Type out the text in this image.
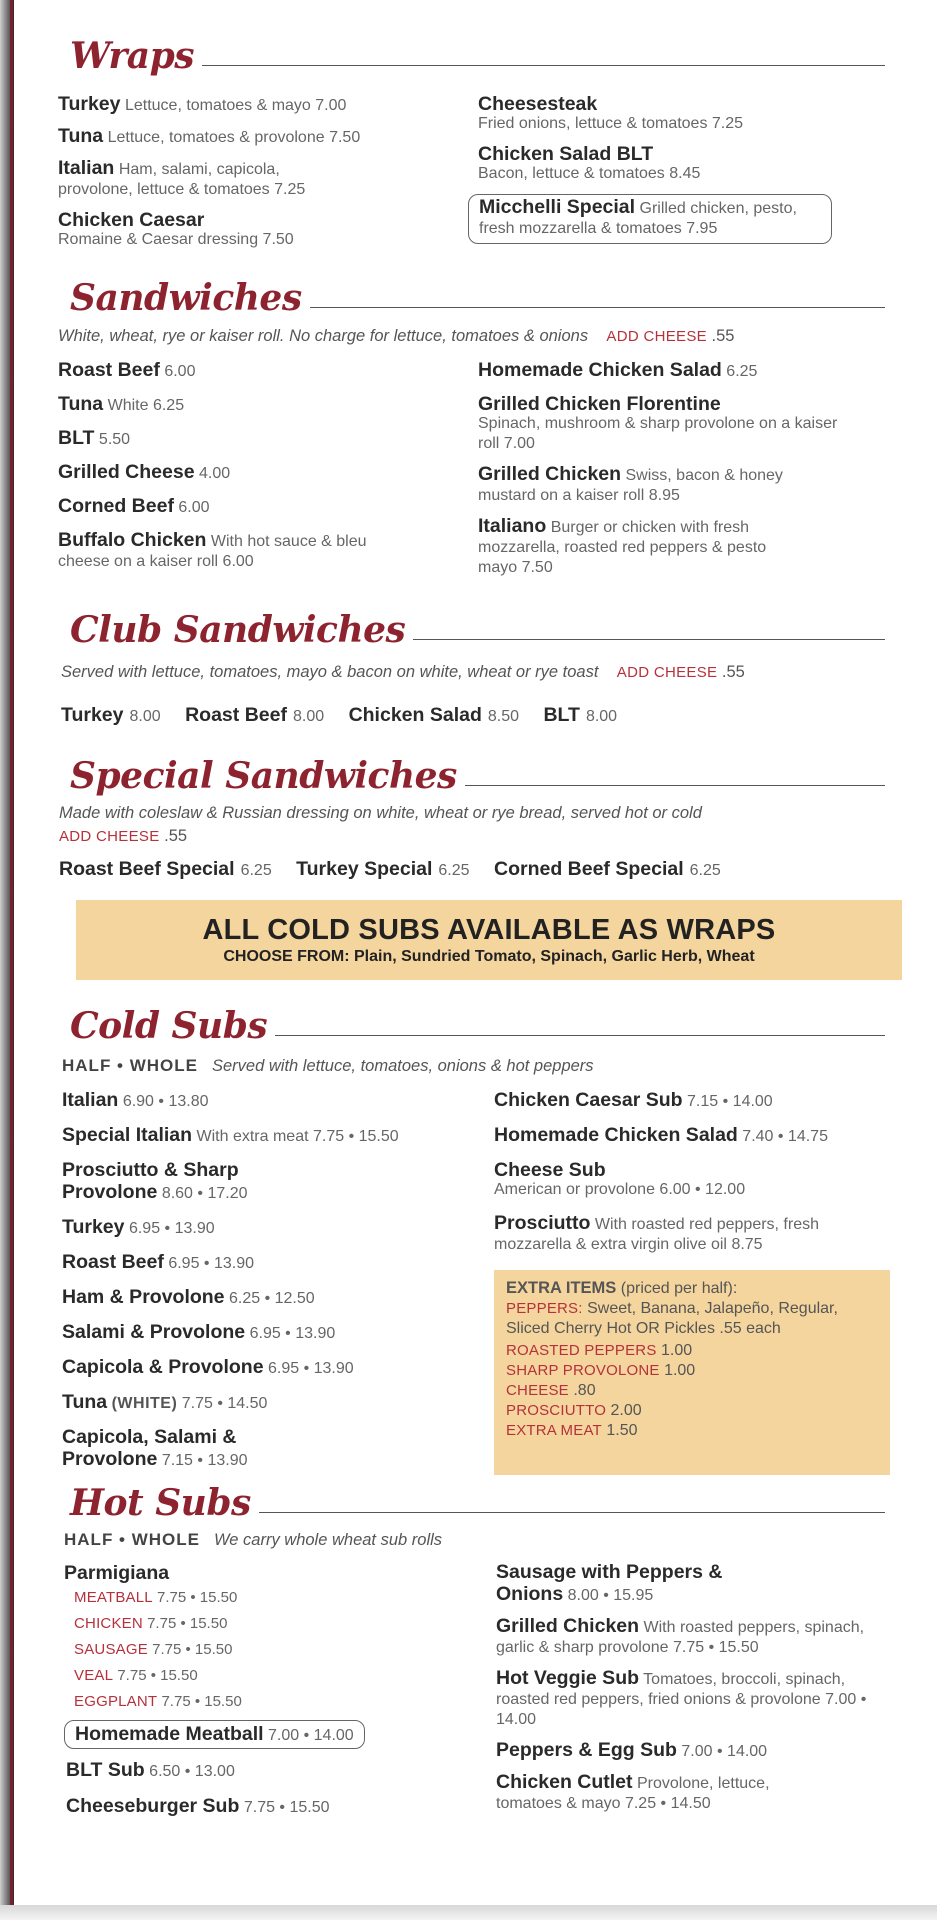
Wraps
Turkey Lettuce, tomatoes & mayo 7.00
Tuna Lettuce, tomatoes & provolone 7.50
Italian Ham, salami, capicola, provolone, lettuce & tomatoes 7.25
Chicken Caesar
Romaine & Caesar dressing 7.50
Cheesesteak
Fried onions, lettuce & tomatoes 7.25
Chicken Salad BLT
Bacon, lettuce & tomatoes 8.45
Micchelli Special Grilled chicken, pesto, fresh mozzarella & tomatoes 7.95
Sandwiches
White, wheat, rye or kaiser roll. No charge for lettuce, tomatoes & onions ADD CHEESE .55
Roast Beef 6.00
Tuna White 6.25
BLT 5.50
Grilled Cheese 4.00
Corned Beef 6.00
Buffalo Chicken With hot sauce & bleu cheese on a kaiser roll 6.00
Homemade Chicken Salad 6.25
Grilled Chicken Florentine
Spinach, mushroom & sharp provolone on a kaiser roll 7.00
Grilled Chicken Swiss, bacon & honey mustard on a kaiser roll 8.95
Italiano Burger or chicken with fresh mozzarella, roasted red peppers & pesto mayo 7.50
Club Sandwiches
Served with lettuce, tomatoes, mayo & bacon on white, wheat or rye toast ADD CHEESE .55
Turkey 8.00 Roast Beef 8.00 Chicken Salad 8.50 BLT 8.00
Special Sandwiches
Made with coleslaw & Russian dressing on white, wheat or rye bread, served hot or cold
ADD CHEESE .55
Roast Beef Special 6.25 Turkey Special 6.25 Corned Beef Special 6.25
ALL COLD SUBS AVAILABLE AS WRAPS
CHOOSE FROM: Plain, Sundried Tomato, Spinach, Garlic Herb, Wheat
Cold Subs
HALF • WHOLE Served with lettuce, tomatoes, onions & hot peppers
Italian 6.90 • 13.80
Special Italian With extra meat 7.75 • 15.50
Prosciutto & Sharp Provolone 8.60 • 17.20
Turkey 6.95 • 13.90
Roast Beef 6.95 • 13.90
Ham & Provolone 6.25 • 12.50
Salami & Provolone 6.95 • 13.90
Capicola & Provolone 6.95 • 13.90
Tuna (WHITE) 7.75 • 14.50
Capicola, Salami & Provolone 7.15 • 13.90
Chicken Caesar Sub 7.15 • 14.00
Homemade Chicken Salad 7.40 • 14.75
Cheese Sub
American or provolone 6.00 • 12.00
Prosciutto With roasted red peppers, fresh mozzarella & extra virgin olive oil 8.75
EXTRA ITEMS (priced per half):
PEPPERS: Sweet, Banana, Jalapeño, Regular, Sliced Cherry Hot OR Pickles .55 each
ROASTED PEPPERS 1.00
SHARP PROVOLONE 1.00
CHEESE .80
PROSCIUTTO 2.00
EXTRA MEAT 1.50
Hot Subs
HALF • WHOLE We carry whole wheat sub rolls
Parmigiana
MEATBALL 7.75 • 15.50
CHICKEN 7.75 • 15.50
SAUSAGE 7.75 • 15.50
VEAL 7.75 • 15.50
EGGPLANT 7.75 • 15.50
Homemade Meatball 7.00 • 14.00
BLT Sub 6.50 • 13.00
Cheeseburger Sub 7.75 • 15.50
Sausage with Peppers & Onions 8.00 • 15.95
Grilled Chicken With roasted peppers, spinach, garlic & sharp provolone 7.75 • 15.50
Hot Veggie Sub Tomatoes, broccoli, spinach, roasted red peppers, fried onions & provolone 7.00 • 14.00
Peppers & Egg Sub 7.00 • 14.00
Chicken Cutlet Provolone, lettuce, tomatoes & mayo 7.25 • 14.50
